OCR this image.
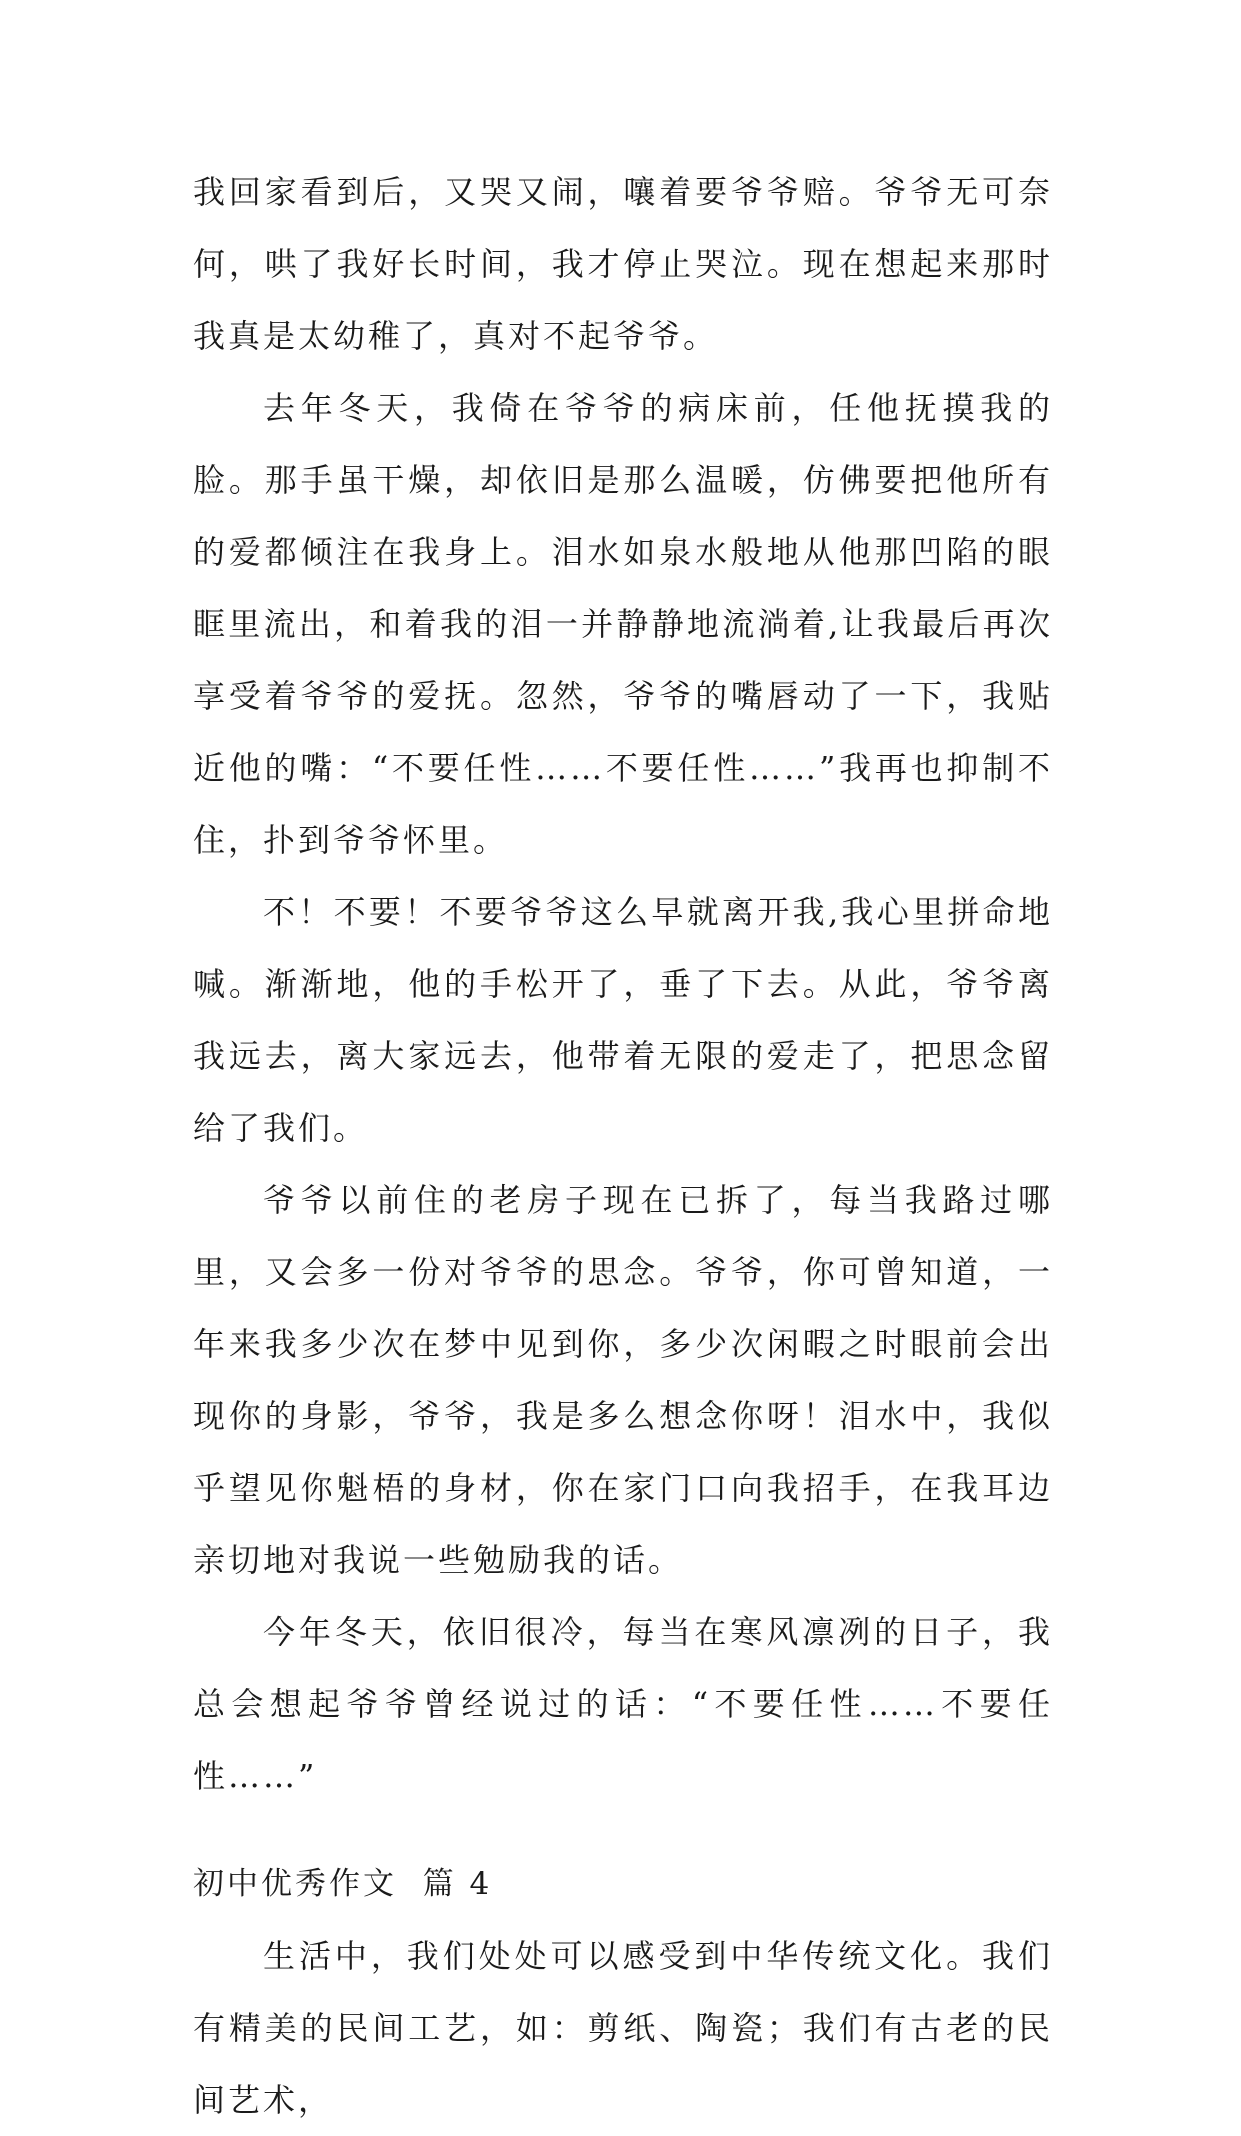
我回家看到后，又哭又闹，嚷着要爷爷赔。爷爷无可奈何，哄了我好长时间，我才停止哭泣。现在想起来那时我真是太幼稚了，真对不起爷爷。

去年冬天，我倚在爷爷的病床前，任他抚摸我的脸。那手虽干燥，却依旧是那么温暖，仿佛要把他所有的爱都倾注在我身上。泪水如泉水般地从他那凹陷的眼眶里流出，和着我的泪一并静静地流淌着,让我最后再次享受着爷爷的爱抚。忽然，爷爷的嘴唇动了一下，我贴近他的嘴：“不要任性……不要任性……”我再也抑制不住，扑到爷爷怀里。

不！不要！不要爷爷这么早就离开我,我心里拼命地喊。渐渐地，他的手松开了，垂了下去。从此，爷爷离我远去，离大家远去，他带着无限的爱走了，把思念留给了我们。

爷爷以前住的老房子现在已拆了，每当我路过哪里，又会多一份对爷爷的思念。爷爷，你可曾知道，一年来我多少次在梦中见到你，多少次闲暇之时眼前会出现你的身影，爷爷，我是多么想念你呀！泪水中，我似乎望见你魁梧的身材，你在家门口向我招手，在我耳边亲切地对我说一些勉励我的话。

今年冬天，依旧很冷，每当在寒风凛冽的日子，我总会想起爷爷曾经说过的话：“不要任性……不要任性……”

初中优秀作文  篇 4

生活中，我们处处可以感受到中华传统文化。我们有精美的民间工艺，如：剪纸、陶瓷；我们有古老的民间艺术，
